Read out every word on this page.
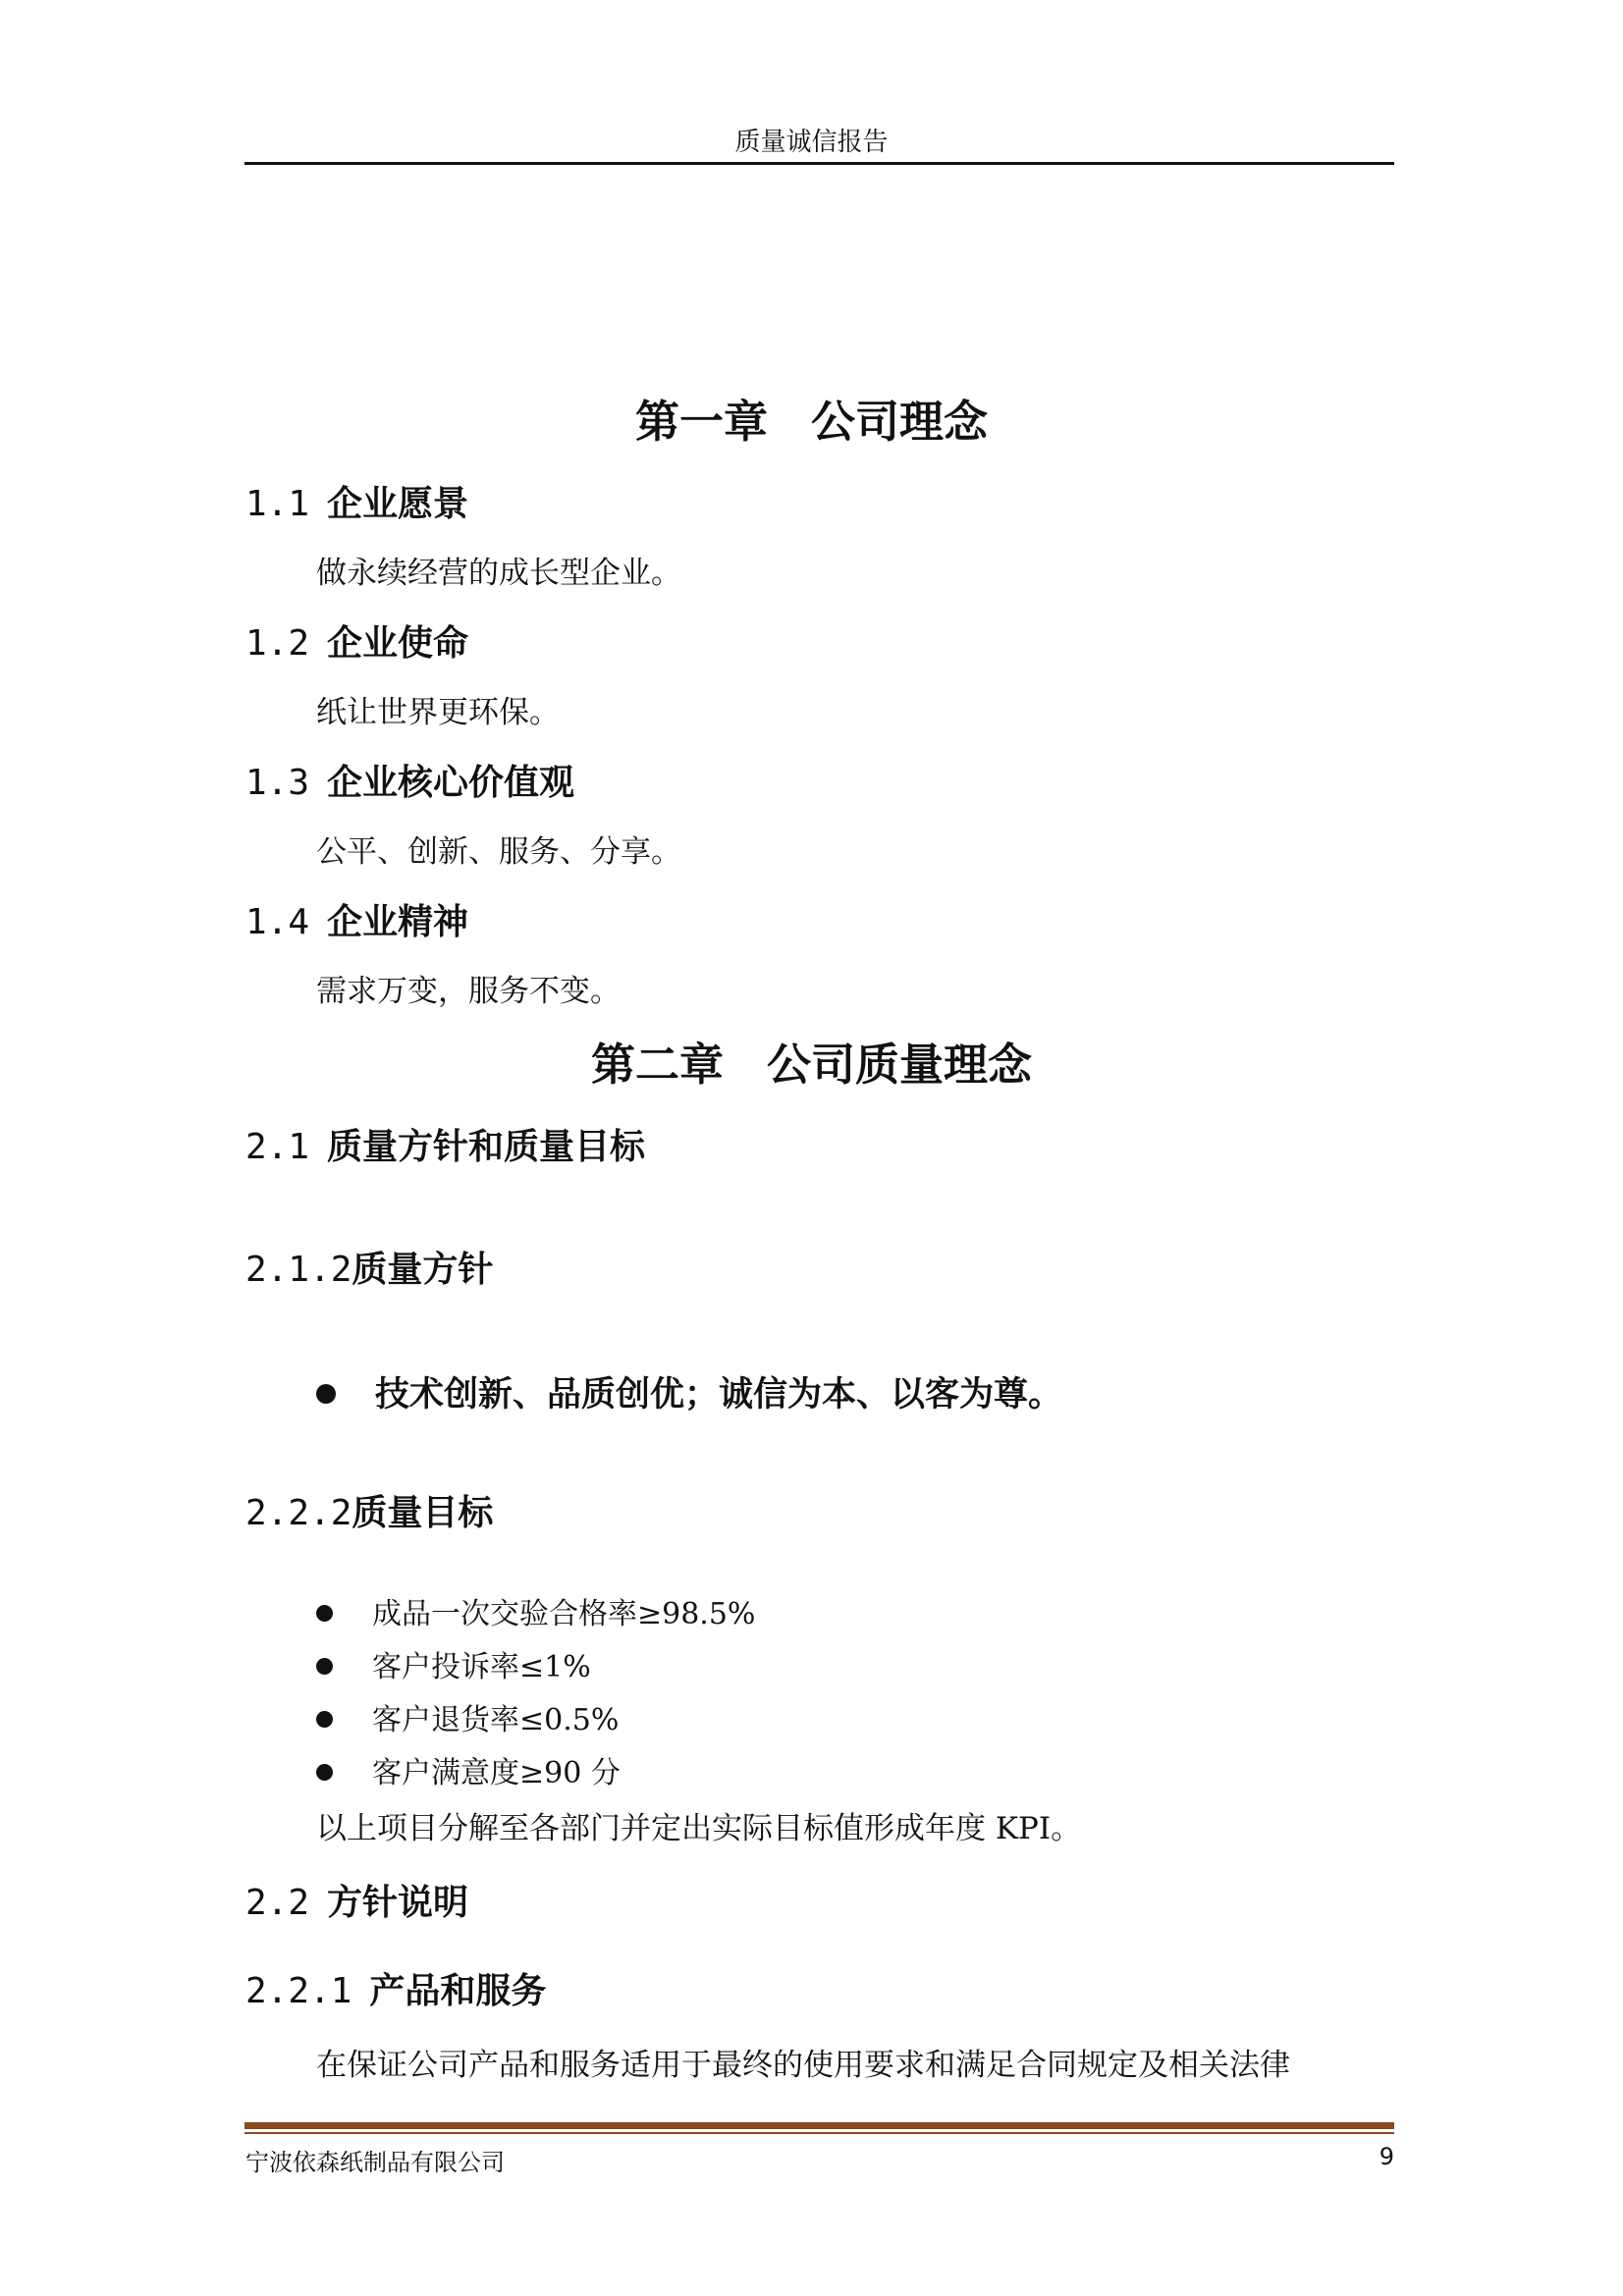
质量诚信报告
第一章 公司理念
1.1 企业愿景
做永续经营的成长型企业。
1.2 企业使命
纸让世界更环保。
1.3 企业核心价值观
公平、创新、服务、分享。
1.4 企业精神
需求万变，服务不变。
第二章 公司质量理念
2.1 质量方针和质量目标
2.1.2质量方针
技术创新、品质创优；诚信为本、以客为尊。
2.2.2质量目标
成品一次交验合格率≥98.5%
客户投诉率≤1%
客户退货率≤0.5%
客户满意度≥90 分
以上项目分解至各部门并定出实际目标值形成年度 KPI。
2.2 方针说明
2.2.1 产品和服务
在保证公司产品和服务适用于最终的使用要求和满足合同规定及相关法律
宁波依森纸制品有限公司	9
